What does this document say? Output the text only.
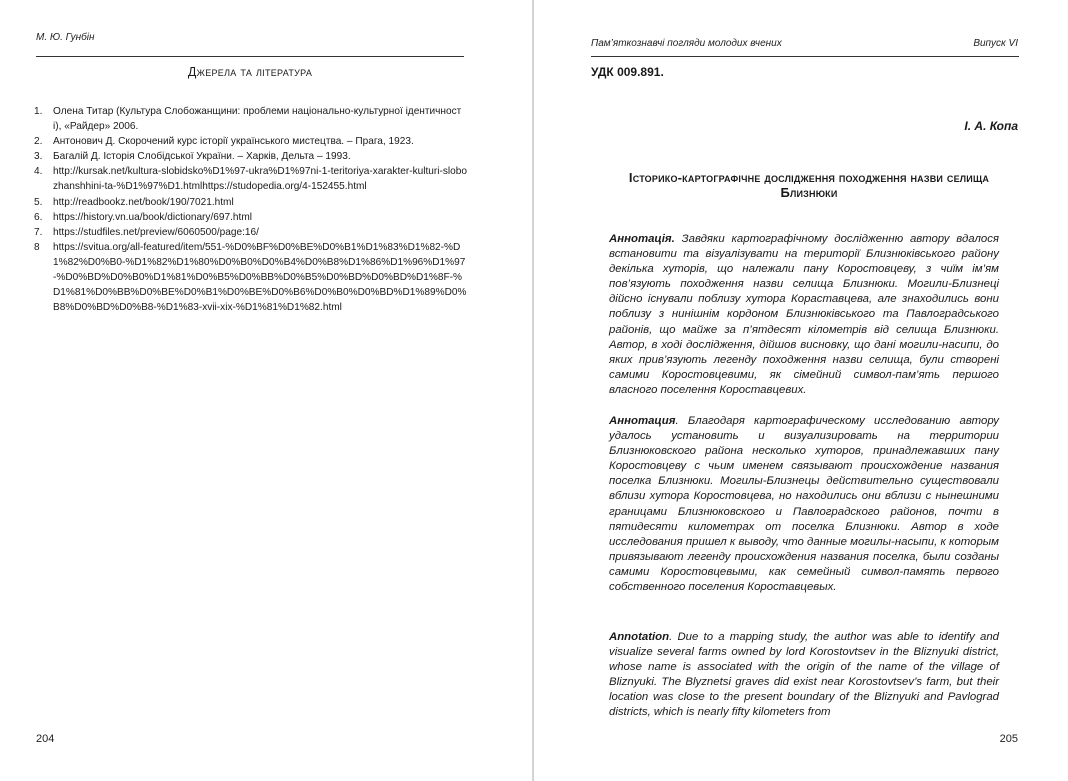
М. Ю. Гунбін
Джерела та література
1. Олена Титар (Культура Слобожанщини: проблеми національно-культурної ідентичності), «Райдер» 2006.
2. Антонович Д. Скорочений курс історії українського мистецтва. – Прага, 1923.
3. Багалій Д. Історія Слобідської України. – Харків, Дельта – 1993.
4. http://kursak.net/kultura-slobidsko%D1%97-ukra%D1%97ni-1-teritoriya-xarakter-kulturi-slobozhanshhini-ta-%D1%97%D1.htmlhttps://studopedia.org/4-152455.html
5. http://readbookz.net/book/190/7021.html
6. https://history.vn.ua/book/dictionary/697.html
7. https://studfiles.net/preview/6060500/page:16/
8 https://svitua.org/all-featured/item/551-%D0%BF%D0%BE%D0%B1%D1%83%D1%82-%D1%82%D0%B0-%D1%82%D1%80%D0%B0%D0%B4%D0%B8%D1%86%D1%96%D1%97-%D0%BD%D0%B0%D1%81%D0%B5%D0%BB%D0%B5%D0%BD%D0%BD%D1%8F-%D1%81%D0%BB%D0%BE%D0%B1%D0%BE%D0%B6%D0%B0%D0%BD%D1%89%D0%B8%D0%BD%D0%B8-%D1%83-xvii-xix-%D1%81%D1%82.html
204
Пам’яткознавчі погляди молодих вчених	Випуск VI
УДК 009.891.
І. А. Копа
Історико-картографічне дослідження походження назви селища Близнюки

Аннотація. Завдяки картографічному дослідженню автору вдалося встановити та візуалізувати на території Близнюківського району декілька хуторів, що належали пану Коростовцеву, з чиїм ім’ям пов’язують походження назви селища Близнюки. Могили-Близнеці дійсно існували поблизу хутора Кораставцева, але знаходились вони поблизу з нинішнім кордоном Близнюківського та Павлоградського районів, що майже за п’ятдесят кілометрів від селища Близнюки. Автор, в ході дослідження, дійшов висновку, що дані могили-насипи, до яких прив’язують легенду походження назви селища, були створені самими Коростовцевими, як сімейний символ-пам’ять першого власного поселення Короставцевих.

Аннотация. Благодаря картографическому исследованию автору удалось установить и визуализировать на территории Близнюковского района несколько хуторов, принадлежавших пану Коростовцеву с чьим именем связывают происхождение названия поселка Близнюки. Могилы-Близнецы действительно существовали вблизи хутора Коростовцева, но находились они вблизи с нынешними границами Близнюковского и Павлоградского районов, почти в пятидесяти километрах от поселка Близнюки. Автор в ходе исследования пришел к выводу, что данные могилы-насыпи, к которым привязывают легенду происхождения названия поселка, были созданы самими Коростовцевыми, как семейный символ-память первого собственного поселения Короставцевых.

Annotation. Due to a mapping study, the author was able to identify and visualize several farms owned by lord Korostovtsev in the Bliznyuki district, whose name is associated with the origin of the name of the village of Bliznyuki. The Blyznetsi graves did exist near Korostovtsev’s farm, but their location was close to the present boundary of the Bliznyuki and Pavlograd districts, which is nearly fifty kilometers from

205
